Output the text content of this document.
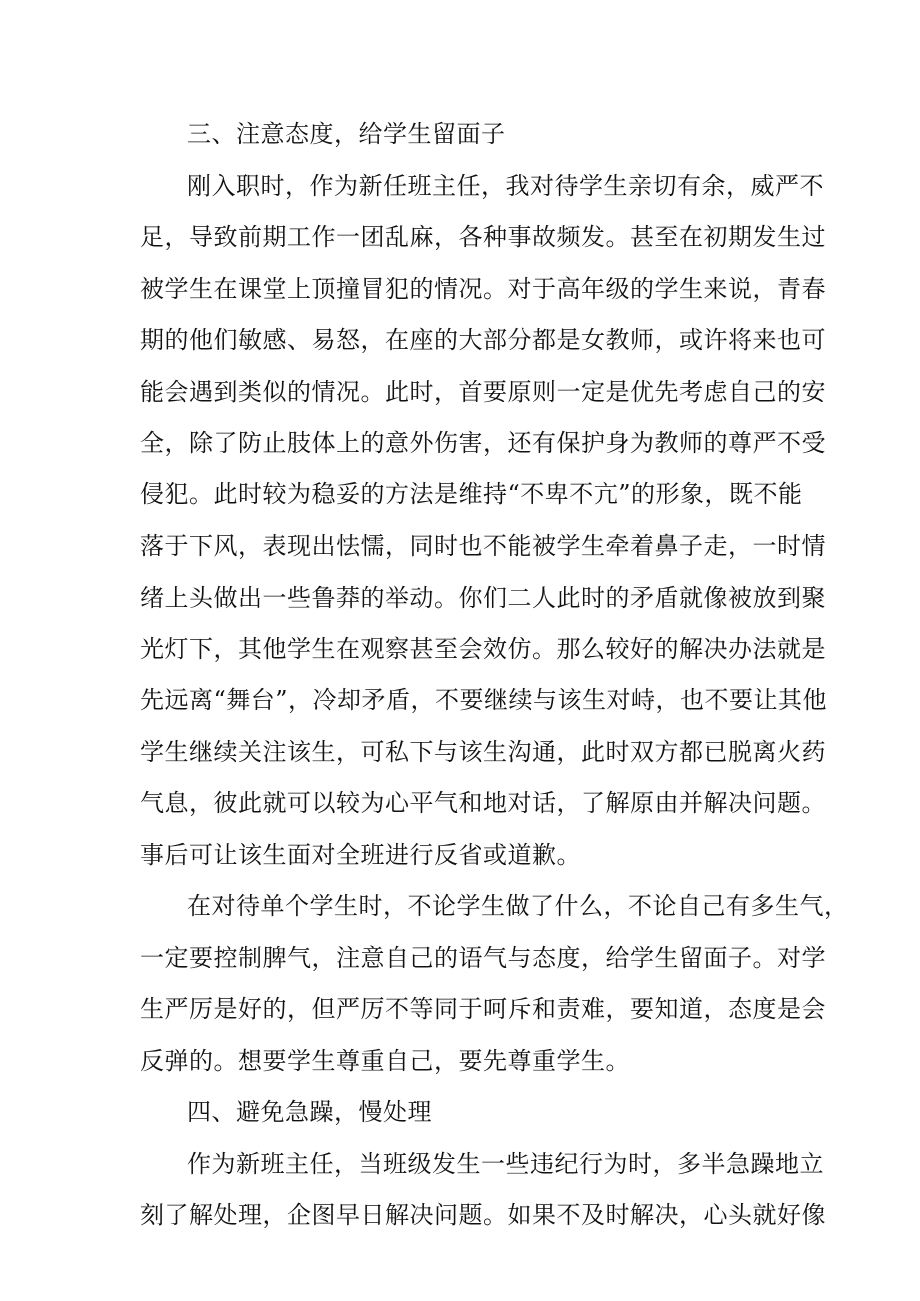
三、注意态度，给学生留面子

刚入职时，作为新任班主任，我对待学生亲切有余，威严不

足，导致前期工作一团乱麻，各种事故频发。甚至在初期发生过

被学生在课堂上顶撞冒犯的情况。对于高年级的学生来说，青春

期的他们敏感、易怒，在座的大部分都是女教师，或许将来也可

能会遇到类似的情况。此时，首要原则一定是优先考虑自己的安

全，除了防止肢体上的意外伤害，还有保护身为教师的尊严不受

侵犯。此时较为稳妥的方法是维持“不卑不亢”的形象，既不能

落于下风，表现出怯懦，同时也不能被学生牵着鼻子走，一时情

绪上头做出一些鲁莽的举动。你们二人此时的矛盾就像被放到聚

光灯下，其他学生在观察甚至会效仿。那么较好的解决办法就是

先远离“舞台”，冷却矛盾，不要继续与该生对峙，也不要让其他

学生继续关注该生，可私下与该生沟通，此时双方都已脱离火药

气息，彼此就可以较为心平气和地对话，了解原由并解决问题。

事后可让该生面对全班进行反省或道歉。

在对待单个学生时，不论学生做了什么，不论自己有多生气，

一定要控制脾气，注意自己的语气与态度，给学生留面子。对学

生严厉是好的，但严厉不等同于呵斥和责难，要知道，态度是会

反弹的。想要学生尊重自己，要先尊重学生。

四、避免急躁，慢处理

作为新班主任，当班级发生一些违纪行为时，多半急躁地立

刻了解处理，企图早日解决问题。如果不及时解决，心头就好像
